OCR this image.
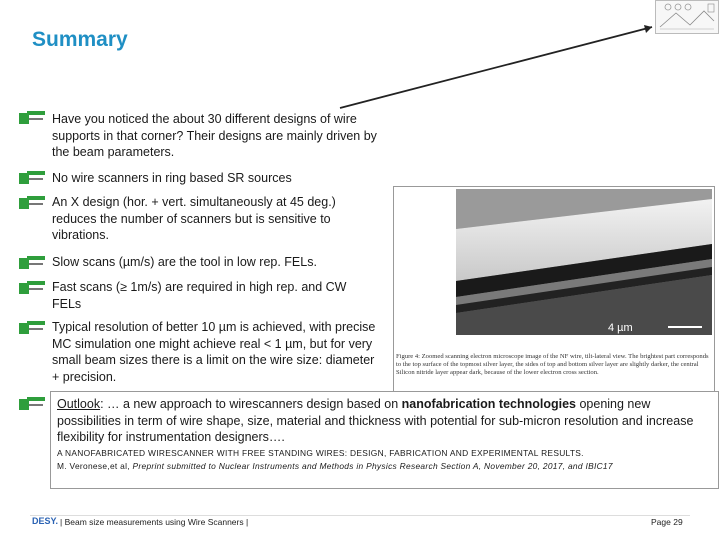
Summary
Have you noticed the about 30 different designs of wire supports in that corner? Their designs are mainly driven by the beam parameters.
No wire scanners in ring based SR sources
An X design (hor. + vert. simultaneously at 45 deg.) reduces the number of scanners but is sensitive to vibrations.
Slow scans (µm/s) are the tool in low rep. FELs.
Fast scans (≥ 1m/s) are required in high rep. and CW FELs
Typical resolution of better 10 µm is achieved, with precise MC simulation one might achieve real < 1 µm, but for very small beam sizes there is a limit on the wire size: diameter + precision.
Figure 4: Zoomed scanning electron microscope image of the NF wire, tilt-lateral view. The brightest part corresponds to the top surface of the topmost silver layer, the sides of top and bottom silver layer are slightly darker, the central Silicon nitride layer appear dark, because of the lower electron cross section.
4 µm
Outlook: … a new approach to wirescanners design based on nanofabrication technologies opening new possibilities in term of wire shape, size, material and thickness with potential for sub-micron resolution and increase flexibility for instrumentation designers….
A NANOFABRICATED WIRESCANNER WITH FREE STANDING WIRES: DESIGN, FABRICATION AND EXPERIMENTAL RESULTS.
M. Veronese,et al, Preprint submitted to Nuclear Instruments and Methods in Physics Research Section A, November 20, 2017, and IBIC17
DESY. | Beam size measurements using Wire Scanners |	Page 29
